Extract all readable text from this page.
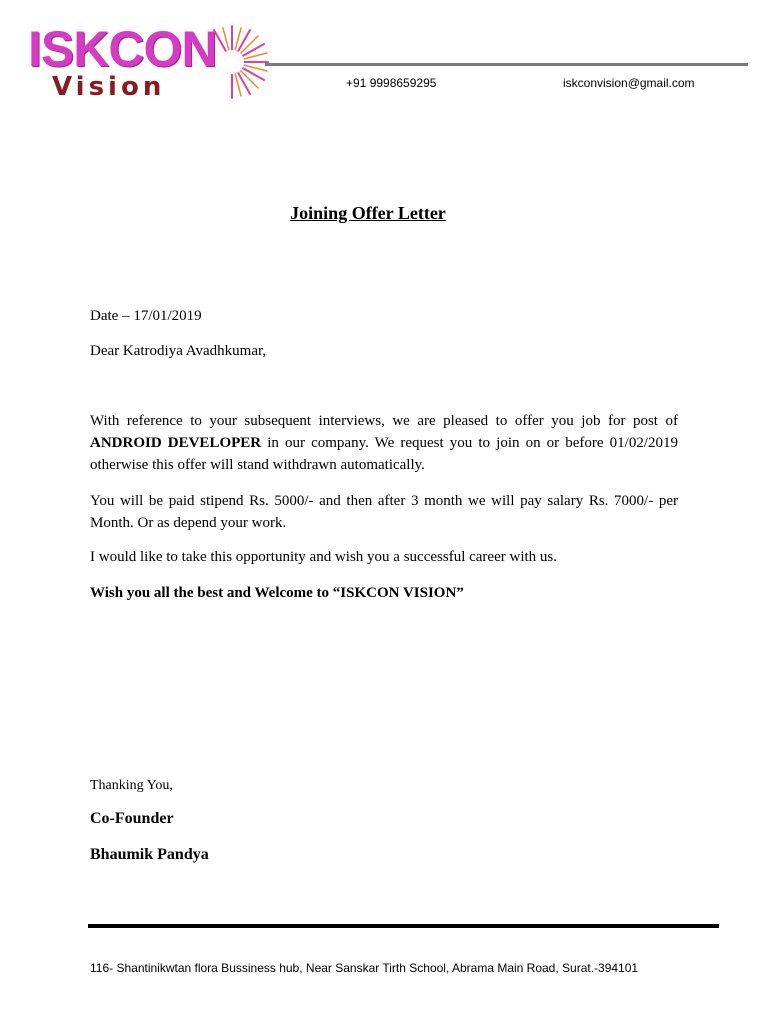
ISKCON
Vision	+91 9998659295	iskconvision@gmail.com
Joining Offer Letter
Date – 17/01/2019
Dear Katrodiya Avadhkumar,
With reference to your subsequent interviews, we are pleased to offer you job for post of ANDROID DEVELOPER in our company. We request you to join on or before 01/02/2019 otherwise this offer will stand withdrawn automatically.
You will be paid stipend Rs. 5000/- and then after 3 month we will pay salary Rs. 7000/- per Month. Or as depend your work.
I would like to take this opportunity and wish you a successful career with us.
Wish you all the best and Welcome to “ISKCON VISION”
Thanking You,
Co-Founder
Bhaumik Pandya
116- Shantinikwtan flora Bussiness hub, Near Sanskar Tirth School, Abrama Main Road, Surat.-394101
